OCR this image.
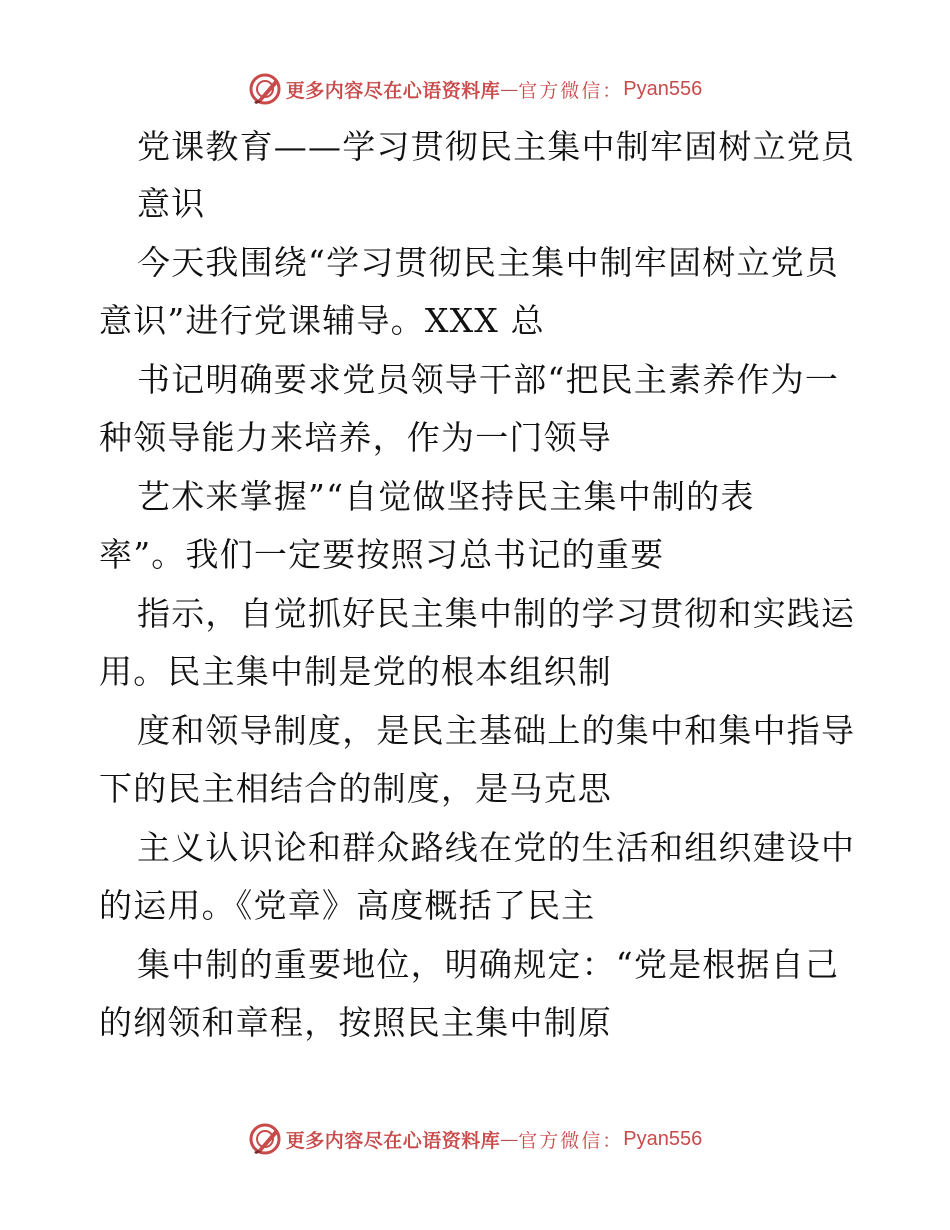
更多内容尽在心语资料库 — 官方微信： Pyan556
党课教育——学习贯彻民主集中制牢固树立党员
意识
今天我围绕“学习贯彻民主集中制牢固树立党员
意识”进行党课辅导。XXX 总
书记明确要求党员领导干部“把民主素养作为一
种领导能力来培养，作为一门领导
艺术来掌握”“自觉做坚持民主集中制的表
率”。我们一定要按照习总书记的重要
指示，自觉抓好民主集中制的学习贯彻和实践运
用。民主集中制是党的根本组织制
度和领导制度，是民主基础上的集中和集中指导
下的民主相结合的制度，是马克思
主义认识论和群众路线在党的生活和组织建设中
的运用。《党章》高度概括了民主
集中制的重要地位，明确规定：“党是根据自己
的纲领和章程，按照民主集中制原
更多内容尽在心语资料库 — 官方微信： Pyan556
